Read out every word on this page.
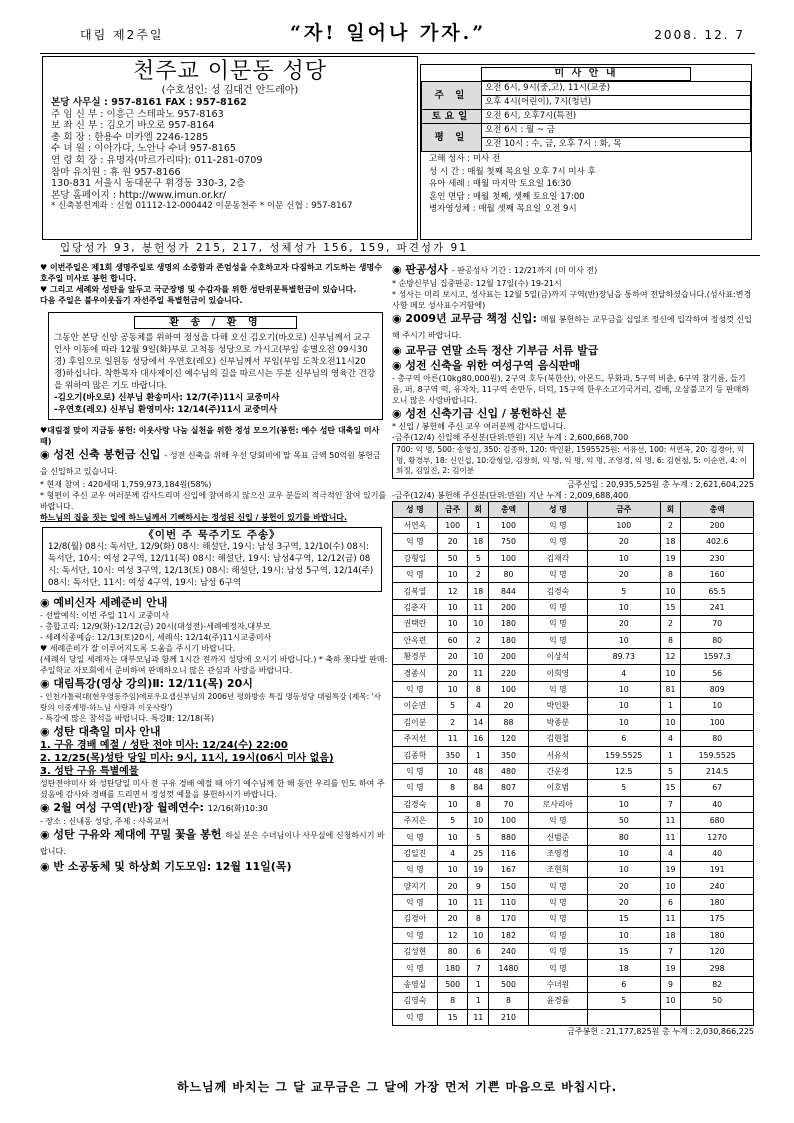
대림 제2주일	“자! 일어나 가자.”	2008. 12. 7
천주교 이문동 성당
(수호성인: 성 김대건 안드레아)
본당 사무실 : 957-8161 FAX : 957-8162
주 임 신 부 : 이흥근 스테파노 957-8163
보 좌 신 부 : 김오기 바오로 957-8164
총 회 장 : 한용수 미카엘 2246-1285
수 녀 원 : 이아가다, 노안나 수녀 957-8165
연 령 회 장 : 유명자(마르가리따): 011-281-0709
참마 유치원 : 휴 원 957-8166
130-831 서울시 동대문구 휘경동 330-3, 2층
본당 홈페이지 : http://www.imun.or.kr/
* 신축봉헌계좌 : 신협 01112-12-000442 이문동천주 * 이문 신협 : 957-8167
미 사 안 내
주 일	오전 6시, 9시(중,고), 11시(교중)
	오후 4시(어린이), 7시(청년)
토요일	오전 6시, 오후7시(특전)
평 일	오전 6시 : 월 ~ 금
	오전 10시 : 수, 금, 오후 7시 : 화, 목
고해 성사 : 미사 전
성 시 간 : 매월 첫째 목요일 오후 7시 미사 후
유아 세례 : 매월 마지막 토요일 16:30
혼인 면담 : 매월 첫째, 셋째 토요일 17:00
병자영성체 : 매월 셋째 목요일 오전 9시
입당성가 93, 봉헌성가 215, 217, 성체성가 156, 159, 파견성가 91

♥ 이번주일은 제1회 생명주일로 생명의 소중함과 존엄성을 수호하고자 다짐하고 기도하는 생명수호주일 미사로 봉헌 합니다.

♥ 그리고 세례와 성탄을 앞두고 국군장병 및 수감자를 위한 성탄위문특별헌금이 있습니다.

다음 주일은 불우이웃돕기 자선주일 특별헌금이 있습니다.

환 송 / 환 영

그동안 본당 신앙 공동체를 위하여 정성을 다해 오신 김오기(바오로) 신부님께서 교구 인사 이동에 따라 12월 9일(화)부로 고척동 성당으로 가시고(부임 송별오전 09시30경) 후임으로 일원동 성당에서 우연호(레오) 신부님께서 부임(부임 도착오전11시20경)하십니다. 착한목자 대사제이신 예수님의 길을 따르시는 두분 신부님의 영육간 건강을 위하여 많은 기도 바랍니다.

-김오기(바오로) 신부님 환송미사: 12/7(주)11시 교중미사

-우연호(레오) 신부님 환영미사: 12/14(주)11시 교중미사

♥대림절 맞이 지금동 봉헌: 이웃사랑 나눔 실천을 위한 정성 모으기(봉헌: 예수 성탄 대축일 미사 때)

◉ 성전 신축 봉헌금 신입 - 성전 신축을 위해 우선 당회비에 말 목표 금액 50억원 봉헌금을 신입하고 있습니다.

* 현재 참여 : 420세대 1,759,973,184원(58%)

* 형편이 주신 교우 여러분께 감사드리며 신입에 참여하지 않으신 교우 분들의 적극적인 참여 있기를 바랍니다.

하느님의 집을 짓는 일에 하느님께서 기뻐하시는 정성된 신입 / 봉헌이 있기를 바랍니다.

《이번 주 묵주기도 주송》

12/8(월) 08시: 독서단, 12/9(화) 08시: 해설단, 19시: 남성 3구역, 12/10(수) 08시: 독서단, 10시: 여성 2구역, 12/11(목) 08시: 해설단, 19시: 남성4구역, 12/12(금) 08시: 독서단, 10시: 여성 3구역, 12/13(토) 08시: 해설단, 19시: 남성 5구역, 12/14(주) 08시: 독서단, 11시: 여성 4구역, 19시: 남성 6구역

◉ 예비신자 세례준비 안내

- 선발예식: 이번 주일 11시 교중미사

- 총합고리: 12/9(화)-12/12(금) 20시(대성전)-세례예정자,대부모

- 세례식종예습: 12/13(토)20시, 세례식: 12/14(주)11시교중미사

♥ 세례준비가 잘 이루어지도록 도움을 주시기 바랍니다.

(세례식 당일 세례자는 대부모님과 함께 1시간 전까지 성당에 오시기 바랍니다.) * 축하 꽃다발 판매: 주일학교 자모회에서 준비하여 판매하오니 많은 관심과 사랑을 바랍니다.

◉ 대림특강(영상 강의)Ⅱ: 12/11(목) 20시

- 인천가톨릭대(현우영동주임)에로우요셉신부님의 2006년 평화방송 특집 명동성당 대림특강 (제목: '사랑의 이중계명-하느님 사랑과 이웃사랑')

- 특강에 많은 참석을 바랍니다. 특강Ⅲ: 12/18(목)

◉ 성탄 대축일 미사 안내

1. 구유 경배 예절 / 성탄 전야 미사: 12/24(수) 22:00

2. 12/25(목)성탄 당일 미사: 9시, 11시, 19시(06시 미사 없음)

3. 성탄 구유 특별예물

성탄전야미사 와 성탄당일 미사 전 구유 경배 예절 때 아기 예수님께 한 해 동안 우리를 인도 하여 주셨음에 감사와 경배를 드리면서 정성껏 예물을 봉헌하시기 바랍니다.

◉ 2월 여성 구역(반)장 월례연수: 12/16(화)10:30

- 장소 : 신내동 성당, 주제 : 사목교서

◉ 성탄 구유와 제대에 꾸밀 꽃을 봉헌 하실 분은 수녀님이나 사무실에 신청하시기 바랍니다.
◉ 반 소공동체 및 하상회 기도모임: 12월 11일(목)
◉ 판공성사 - 판공성사 기간 : 12/21까지 (미 미사 전)

* 순방신부님 집중판공: 12월 17일(수) 19-21시

* 성사는 미리 보시고, 성사표는 12월 5일(금)까지 구역(반)장님을 통하여 전달하셨습니다.(성사표:변경사항 메모 성사표수거함에)

◉ 2009년 교무금 책정 신입: 매월 봉헌하는 교무금을 십일조 정신에 입각하여 정성껏 신입해 주시기 바랍니다.
◉ 교무금 연말 소득 정산 기부금 서류 발급
◉ 성전 신축을 위한 여성구역 음식판매

- 총구역 아른(10kg80,000원), 2구역 호두(북한산), 아몬드, 무화과, 5구역 비춘, 6구역 참기름, 들기름, 퍼, 8구역 떡, 유자차, 11구역 손만두, 더덕, 15구역 한우소고기국거리, 검배, 오삼불고기 등 판매하오니 많은 사랑바랍니다.

◉ 성전 신축기금 신입 / 봉헌하신 분

* 신입 / 봉헌해 주신 교우 여러분께 감사드립니다.

-금주(12/4) 신입해 주신분(단위:만원) 지난 누계 : 2,600,668,700

700: 익 명, 500: 송영실, 350: 김종학, 120: 박인환, 1595525원: 서유선, 100: 서연옥, 20: 김경아, 익 명, 황경부, 18: 신인섭, 10:강형일, 김창희, 익 명, 익 명, 익 명, 조영경, 익 명, 6: 김현철, 5: 이순연, 4: 이희정, 김일진, 2: 김이분

금주신입 : 20,935,525원 총 누계 : 2,621,604,225

-금주(12/4) 봉헌해 주신분(단위:만원) 지난 누계 : 2,009,688,400

성 명	금주	회	총액	성 명	금주	회	총액
서연옥	100	1	100	익 명	100	2	200
익 명	20	18	750	익 명	20	18	402.6
강형일	50	5	100	김재각	10	19	230
익 명	10	2	80	익 명	20	8	160
김복열	12	18	844	김경숙	5	10	65.5
김춘자	10	11	200	익 명	10	15	241
권택란	10	10	180	익 명	20	2	70
안옥련	60	2	180	익 명	10	8	80
황경부	20	10	200	이상석	89.73	12	1597.3
경종식	20	11	220	이희영	4	10	56
익 명	10	8	100	익 명	10	81	809
이순연	5	4	20	박인환	10	1	10
김이분	2	14	88	박종분	10	10	100
주지선	11	16	120	김현철	6	4	80
김종학	350	1	350	서유석	159.5525	1	159.5525
익 명	10	48	480	간운경	12.5	5	214.5
익 명	8	84	807	이호범	5	15	67
김경숙	10	8	70	로사리아	10	7	40
주지은	5	10	100	익 명	50	11	680
익 명	10	5	880	신범준	80	11	1270
김일진	4	25	116	조영경	10	4	40
익 명	10	19	167	조현희	10	19	191
양지기	20	9	150	익 명	20	10	240
익 명	10	11	110	익 명	20	6	180
김경아	20	8	170	익 명	15	11	175
익 명	12	10	182	익 명	10	18	180
김성현	80	6	240	익 명	15	7	120
익 명	180	7	1480	익 명	18	19	298
송영실	500	1	500	수녀원	6	9	82
김영숙	8	1	8	윤경률	5	10	50
익 명	15	11	210				

금주봉헌 : 21,177,825원 총 누계 : 2,030,866,225

하느님께 바치는 그 달 교무금은 그 달에 가장 먼저 기쁜 마음으로 바칩시다.
